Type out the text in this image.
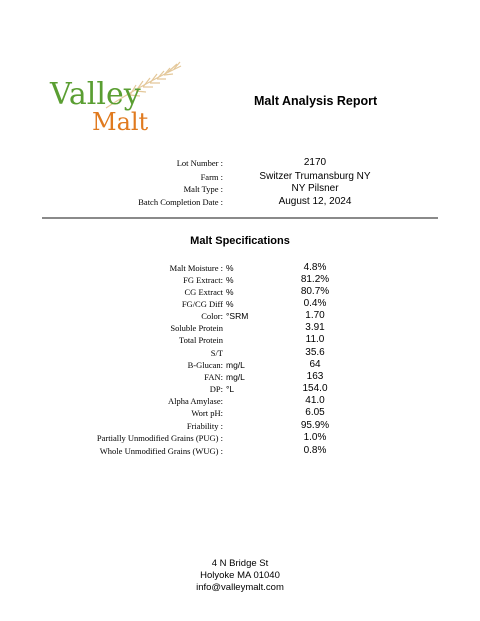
Valley
Malt
Malt Analysis Report
Lot Number :	2170
Farm :	Switzer Trumansburg NY
Malt Type :	NY Pilsner
Batch Completion Date :	August 12, 2024
Malt Specifications
Malt Moisture : %	4.8%
FG Extract: %	81.2%
CG Extract %	80.7%
FG/CG Diff %	0.4%
Color: °SRM	1.70
Soluble Protein	3.91
Total Protein	11.0
S/T	35.6
B-Glucan: mg/L	64
FAN: mg/L	163
DP: °L	154.0
Alpha Amylase:	41.0
Wort pH:	6.05
Friability :	95.9%
Partially Unmodified Grains (PUG) :	1.0%
Whole Unmodified Grains (WUG) :	0.8%
4 N Bridge St
Holyoke MA 01040
info@valleymalt.com
